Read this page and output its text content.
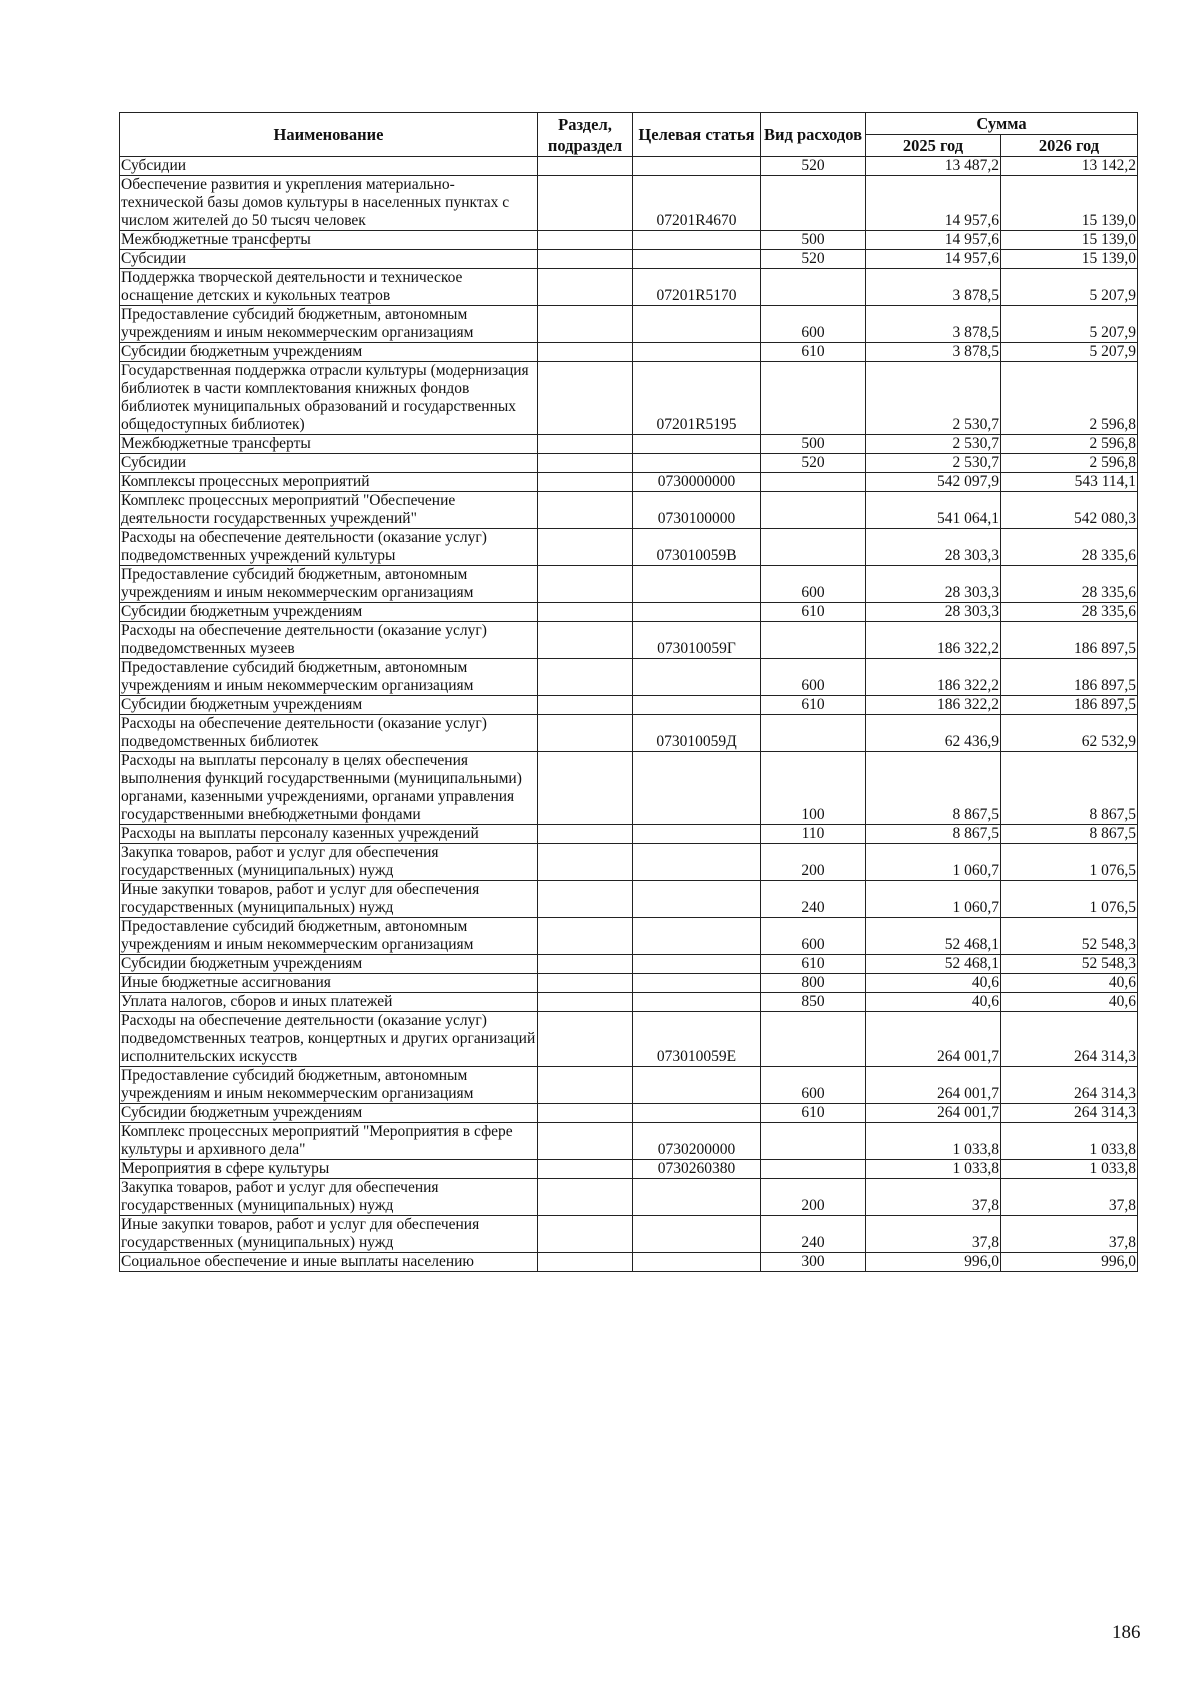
Наименование	Раздел, подраздел	Целевая статья	Вид расходов	Сумма	
				2025 год	2026 год
Субсидии			520	13 487,2	13 142,2
Обеспечение развития и укрепления материально-технической базы домов культуры в населенных пунктах с числом жителей до 50 тысяч человек		07201R4670		14 957,6	15 139,0
Межбюджетные трансферты			500	14 957,6	15 139,0
Субсидии			520	14 957,6	15 139,0
Поддержка творческой деятельности и техническое оснащение детских и кукольных театров		07201R5170		3 878,5	5 207,9
Предоставление субсидий бюджетным, автономным учреждениям и иным некоммерческим организациям			600	3 878,5	5 207,9
Субсидии бюджетным учреждениям			610	3 878,5	5 207,9
Государственная поддержка отрасли культуры (модернизация библиотек в части комплектования книжных фондов библиотек муниципальных образований и государственных общедоступных библиотек)		07201R5195		2 530,7	2 596,8
Межбюджетные трансферты			500	2 530,7	2 596,8
Субсидии			520	2 530,7	2 596,8
Комплексы процессных мероприятий		0730000000		542 097,9	543 114,1
Комплекс процессных мероприятий "Обеспечение деятельности государственных учреждений"		0730100000		541 064,1	542 080,3
Расходы на обеспечение деятельности (оказание услуг) подведомственных учреждений культуры		073010059В		28 303,3	28 335,6
Предоставление субсидий бюджетным, автономным учреждениям и иным некоммерческим организациям			600	28 303,3	28 335,6
Субсидии бюджетным учреждениям			610	28 303,3	28 335,6
Расходы на обеспечение деятельности (оказание услуг) подведомственных музеев		073010059Г		186 322,2	186 897,5
Предоставление субсидий бюджетным, автономным учреждениям и иным некоммерческим организациям			600	186 322,2	186 897,5
Субсидии бюджетным учреждениям			610	186 322,2	186 897,5
Расходы на обеспечение деятельности (оказание услуг) подведомственных библиотек		073010059Д		62 436,9	62 532,9
Расходы на выплаты персоналу в целях обеспечения выполнения функций государственными (муниципальными) органами, казенными учреждениями, органами управления государственными внебюджетными фондами			100	8 867,5	8 867,5
Расходы на выплаты персоналу казенных учреждений			110	8 867,5	8 867,5
Закупка товаров, работ и услуг для обеспечения государственных (муниципальных) нужд			200	1 060,7	1 076,5
Иные закупки товаров, работ и услуг для обеспечения государственных (муниципальных) нужд			240	1 060,7	1 076,5
Предоставление субсидий бюджетным, автономным учреждениям и иным некоммерческим организациям			600	52 468,1	52 548,3
Субсидии бюджетным учреждениям			610	52 468,1	52 548,3
Иные бюджетные ассигнования			800	40,6	40,6
Уплата налогов, сборов и иных платежей			850	40,6	40,6
Расходы на обеспечение деятельности (оказание услуг) подведомственных театров, концертных и других организаций исполнительских искусств		073010059Е		264 001,7	264 314,3
Предоставление субсидий бюджетным, автономным учреждениям и иным некоммерческим организациям			600	264 001,7	264 314,3
Субсидии бюджетным учреждениям			610	264 001,7	264 314,3
Комплекс процессных мероприятий "Мероприятия в сфере культуры и архивного дела"		0730200000		1 033,8	1 033,8
Мероприятия в сфере культуры		0730260380		1 033,8	1 033,8
Закупка товаров, работ и услуг для обеспечения государственных (муниципальных) нужд			200	37,8	37,8
Иные закупки товаров, работ и услуг для обеспечения государственных (муниципальных) нужд			240	37,8	37,8
Социальное обеспечение и иные выплаты населению			300	996,0	996,0
186
